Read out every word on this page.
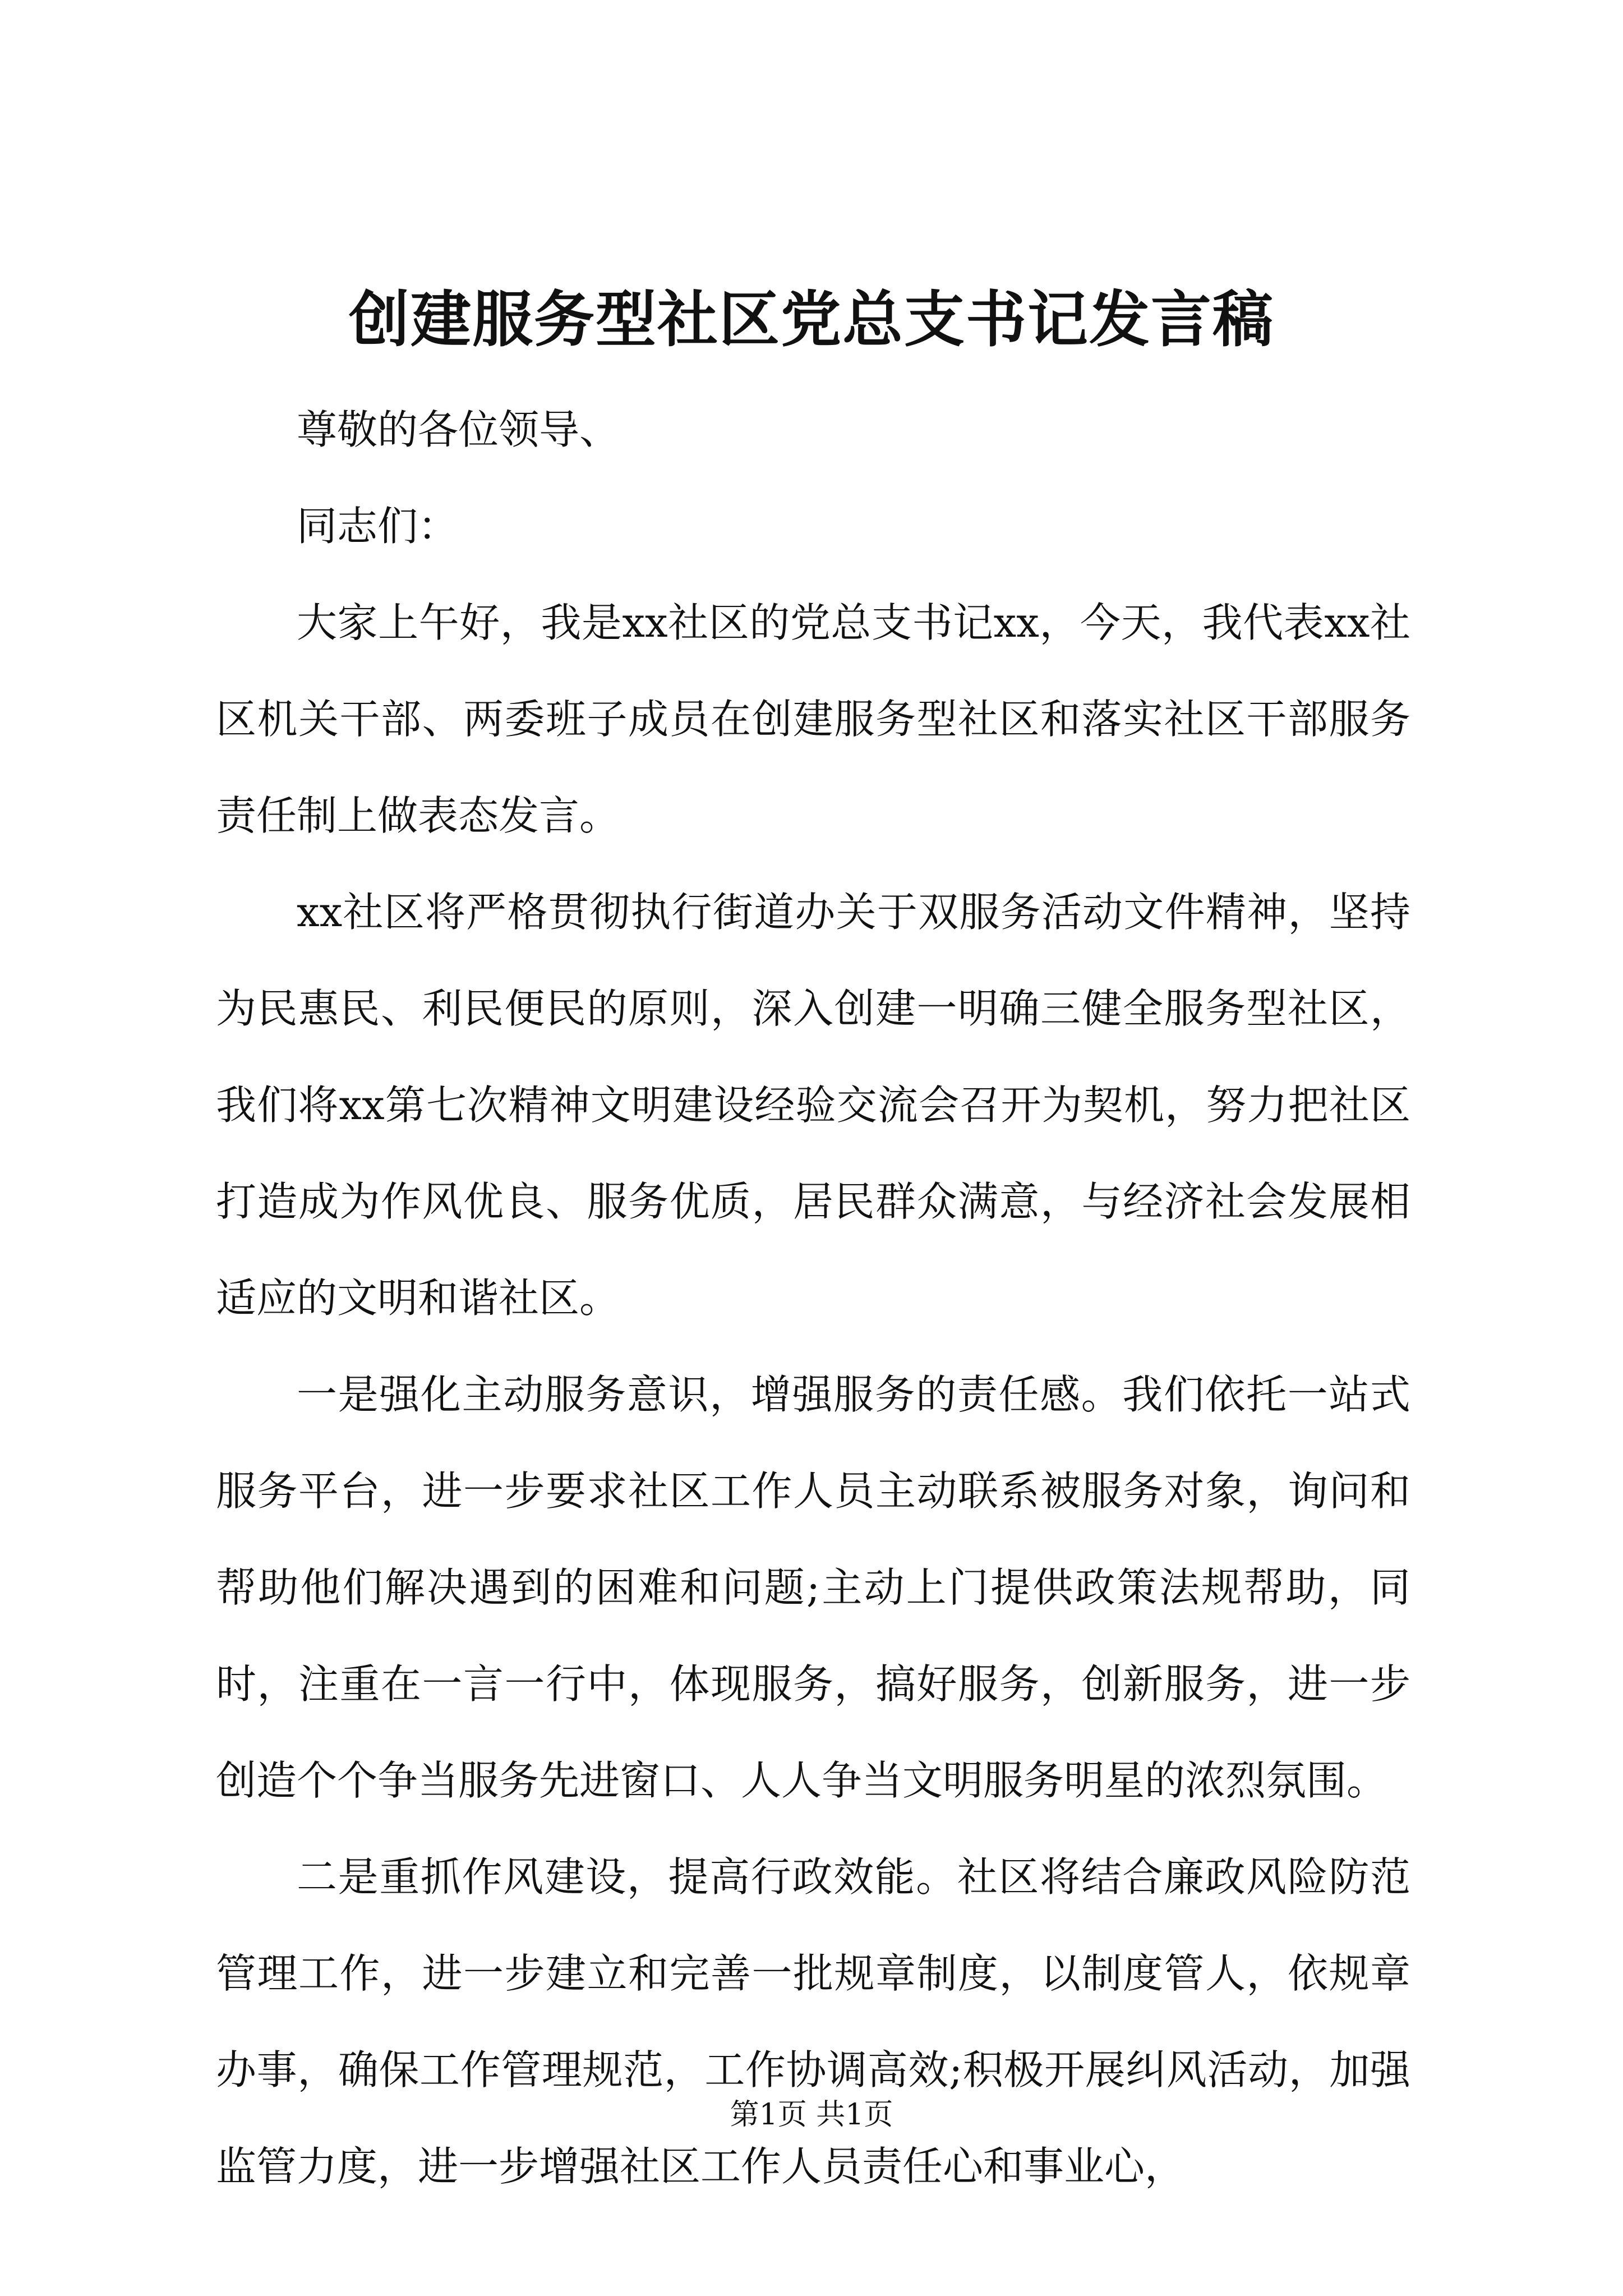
创建服务型社区党总支书记发言稿

尊敬的各位领导、

同志们：

大家上午好，我是xx社区的党总支书记xx，今天，我代表xx社区机关干部、两委班子成员在创建服务型社区和落实社区干部服务责任制上做表态发言。

xx社区将严格贯彻执行街道办关于双服务活动文件精神，坚持为民惠民、利民便民的原则，深入创建一明确三健全服务型社区，我们将xx第七次精神文明建设经验交流会召开为契机，努力把社区打造成为作风优良、服务优质，居民群众满意，与经济社会发展相适应的文明和谐社区。

一是强化主动服务意识，增强服务的责任感。我们依托一站式服务平台，进一步要求社区工作人员主动联系被服务对象，询问和帮助他们解决遇到的困难和问题;主动上门提供政策法规帮助，同时，注重在一言一行中，体现服务，搞好服务，创新服务，进一步创造个个争当服务先进窗口、人人争当文明服务明星的浓烈氛围。

二是重抓作风建设，提高行政效能。社区将结合廉政风险防范管理工作，进一步建立和完善一批规章制度，以制度管人，依规章办事，确保工作管理规范，工作协调高效;积极开展纠风活动，加强监管力度，进一步增强社区工作人员责任心和事业心，

第1页 共1页
